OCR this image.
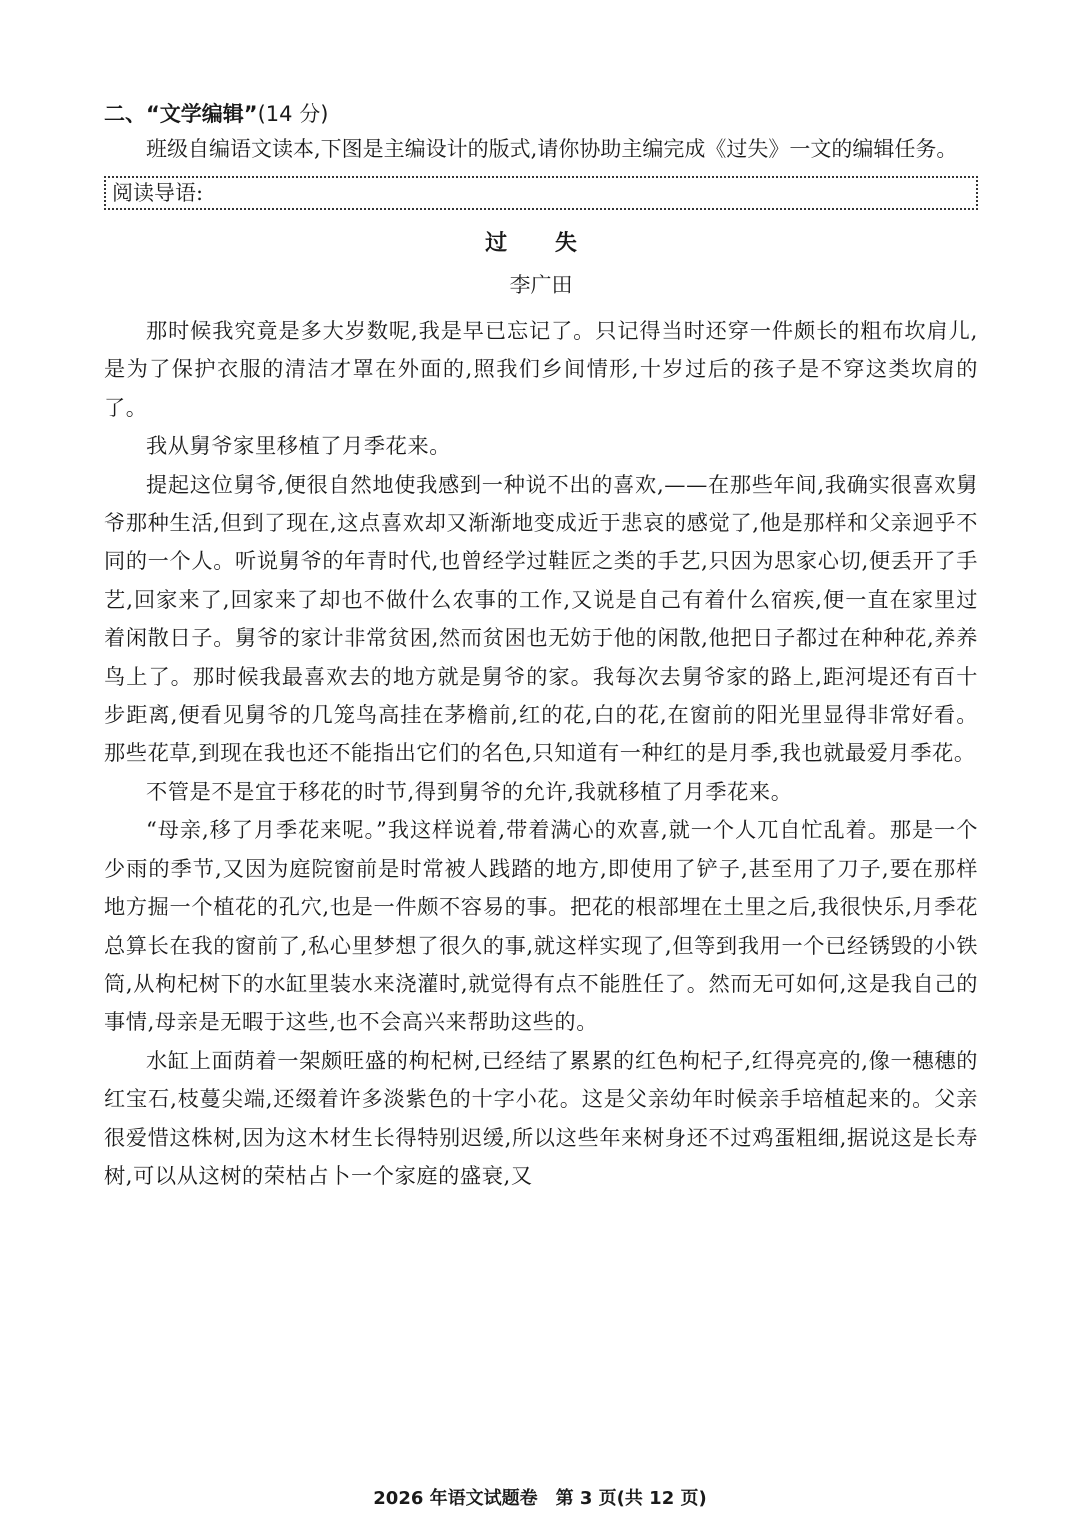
二、“文学编辑”(14 分)

班级自编语文读本,下图是主编设计的版式,请你协助主编完成《过失》一文的编辑任务。

阅读导语:
过 失
李广田

那时候我究竟是多大岁数呢,我是早已忘记了。只记得当时还穿一件颇长的粗布坎肩儿,是为了保护衣服的清洁才罩在外面的,照我们乡间情形,十岁过后的孩子是不穿这类坎肩的了。

我从舅爷家里移植了月季花来。

提起这位舅爷,便很自然地使我感到一种说不出的喜欢,——在那些年间,我确实很喜欢舅爷那种生活,但到了现在,这点喜欢却又渐渐地变成近于悲哀的感觉了,他是那样和父亲迥乎不同的一个人。听说舅爷的年青时代,也曾经学过鞋匠之类的手艺,只因为思家心切,便丢开了手艺,回家来了,回家来了却也不做什么农事的工作,又说是自己有着什么宿疾,便一直在家里过着闲散日子。舅爷的家计非常贫困,然而贫困也无妨于他的闲散,他把日子都过在种种花,养养鸟上了。那时候我最喜欢去的地方就是舅爷的家。我每次去舅爷家的路上,距河堤还有百十步距离,便看见舅爷的几笼鸟高挂在茅檐前,红的花,白的花,在窗前的阳光里显得非常好看。那些花草,到现在我也还不能指出它们的名色,只知道有一种红的是月季,我也就最爱月季花。

不管是不是宜于移花的时节,得到舅爷的允许,我就移植了月季花来。

“母亲,移了月季花来呢。”我这样说着,带着满心的欢喜,就一个人兀自忙乱着。那是一个少雨的季节,又因为庭院窗前是时常被人践踏的地方,即使用了铲子,甚至用了刀子,要在那样地方掘一个植花的孔穴,也是一件颇不容易的事。把花的根部埋在土里之后,我很快乐,月季花总算长在我的窗前了,私心里梦想了很久的事,就这样实现了,但等到我用一个已经锈毁的小铁筒,从枸杞树下的水缸里装水来浇灌时,就觉得有点不能胜任了。然而无可如何,这是我自己的事情,母亲是无暇于这些,也不会高兴来帮助这些的。

水缸上面荫着一架颇旺盛的枸杞树,已经结了累累的红色枸杞子,红得亮亮的,像一穗穗的红宝石,枝蔓尖端,还缀着许多淡紫色的十字小花。这是父亲幼年时候亲手培植起来的。父亲很爱惜这株树,因为这木材生长得特别迟缓,所以这些年来树身还不过鸡蛋粗细,据说这是长寿树,可以从这树的荣枯占卜一个家庭的盛衰,又

2026 年语文试题卷　第 3 页(共 12 页)
